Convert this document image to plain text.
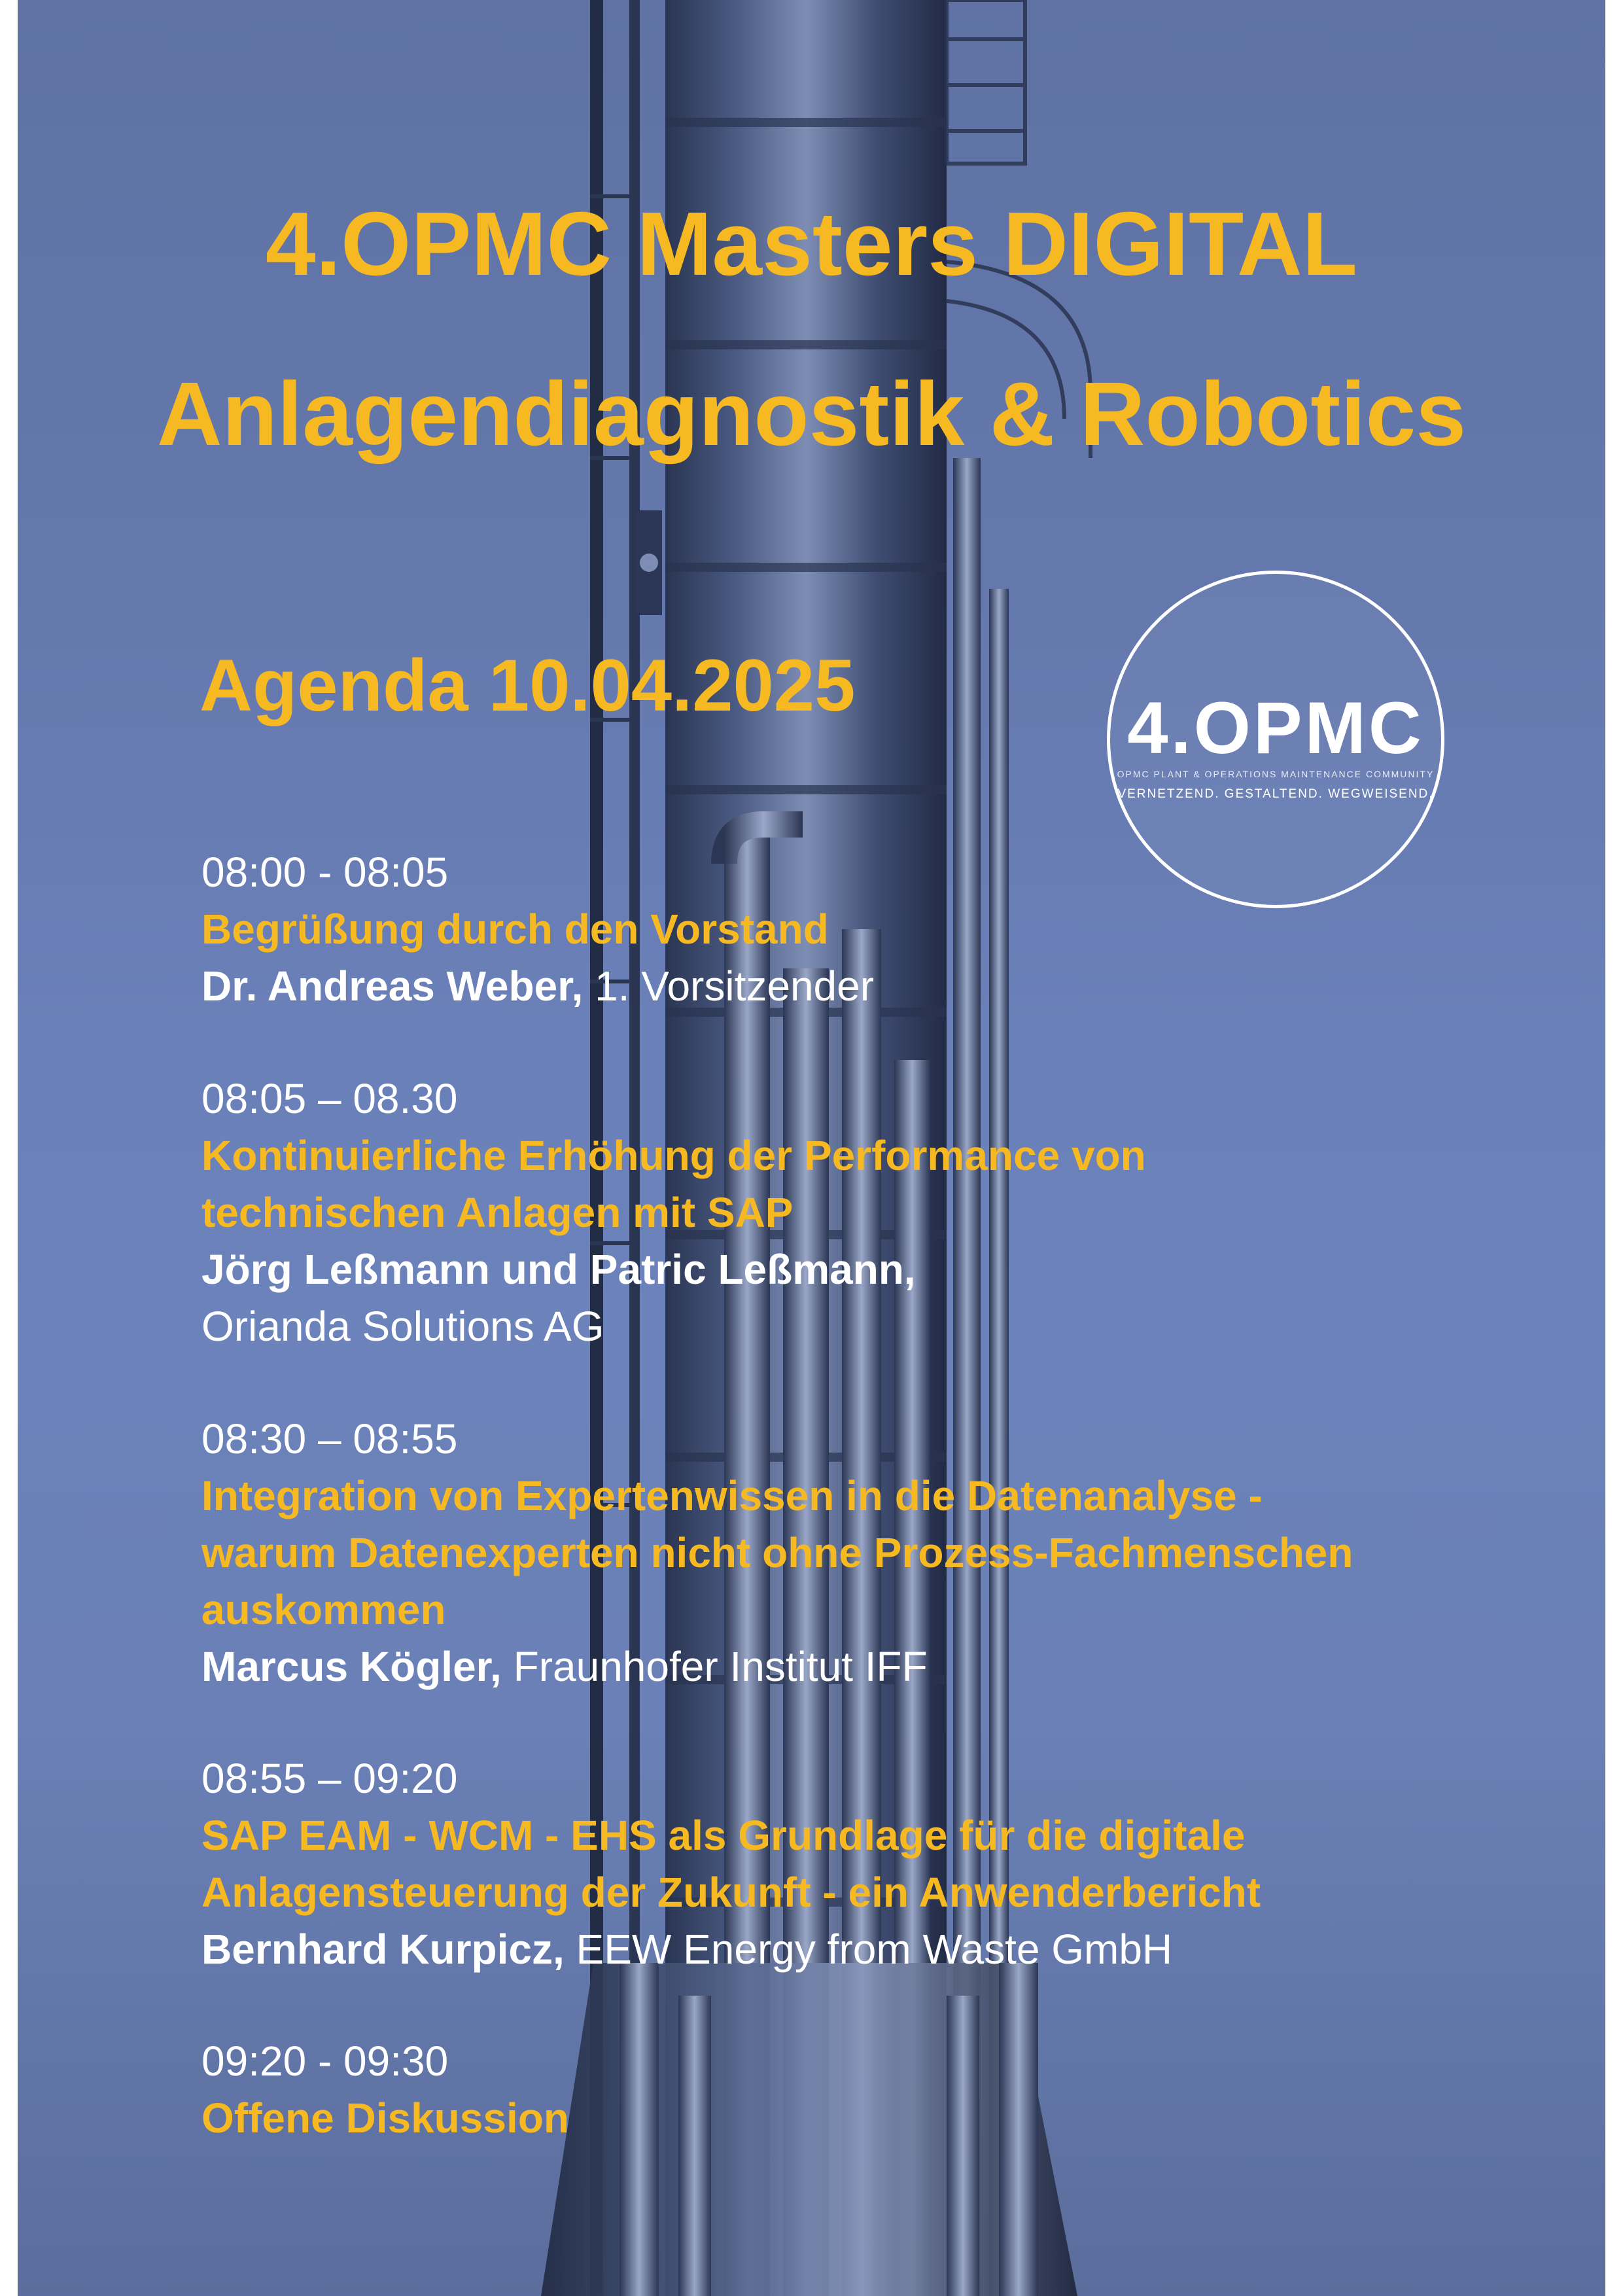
4.OPMC Masters DIGITAL
Anlagendiagnostik & Robotics
Agenda 10.04.2025
4.OPMC
OPMC PLANT & OPERATIONS MAINTENANCE COMMUNITY
VERNETZEND. GESTALTEND. WEGWEISEND.
08:00 - 08:05
Begrüßung durch den Vorstand
Dr. Andreas Weber, 1. Vorsitzender
08:05 – 08.30
Kontinuierliche Erhöhung der Performance von
technischen Anlagen mit SAP
Jörg Leßmann und Patric Leßmann,
Orianda Solutions AG
08:30 – 08:55
Integration von Expertenwissen in die Datenanalyse -
warum Datenexperten nicht ohne Prozess-Fachmenschen
auskommen
Marcus Kögler, Fraunhofer Institut IFF
08:55 – 09:20
SAP EAM - WCM - EHS als Grundlage für die digitale
Anlagensteuerung der Zukunft - ein Anwenderbericht
Bernhard Kurpicz, EEW Energy from Waste GmbH
09:20 - 09:30
Offene Diskussion
